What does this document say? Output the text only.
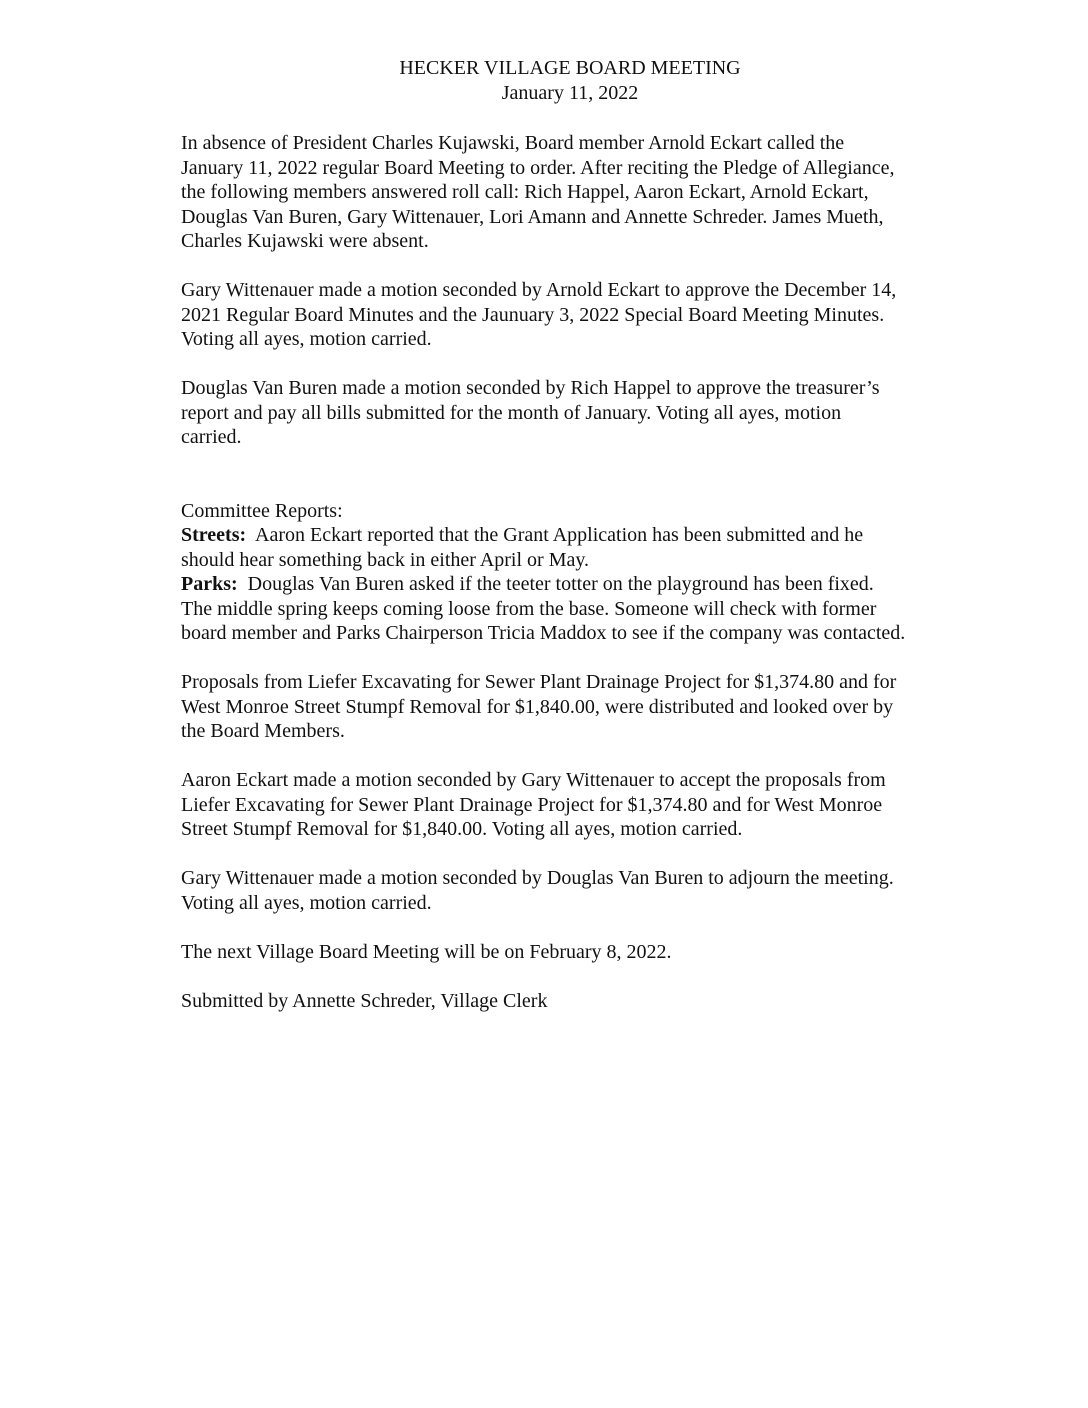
HECKER VILLAGE BOARD MEETING
January 11, 2022
In absence of President Charles Kujawski, Board member Arnold Eckart called the
January 11, 2022 regular Board Meeting to order. After reciting the Pledge of Allegiance,
the following members answered roll call: Rich Happel, Aaron Eckart, Arnold Eckart,
Douglas Van Buren, Gary Wittenauer, Lori Amann and Annette Schreder. James Mueth,
Charles Kujawski were absent.
Gary Wittenauer made a motion seconded by Arnold Eckart to approve the December 14,
2021 Regular Board Minutes and the Jaunuary 3, 2022 Special Board Meeting Minutes.
Voting all ayes, motion carried.
Douglas Van Buren made a motion seconded by Rich Happel to approve the treasurer’s
report and pay all bills submitted for the month of January. Voting all ayes, motion
carried.
Committee Reports:
Streets:  Aaron Eckart reported that the Grant Application has been submitted and he
should hear something back in either April or May.
Parks:  Douglas Van Buren asked if the teeter totter on the playground has been fixed.
The middle spring keeps coming loose from the base. Someone will check with former
board member and Parks Chairperson Tricia Maddox to see if the company was contacted.
Proposals from Liefer Excavating for Sewer Plant Drainage Project for $1,374.80 and for
West Monroe Street Stumpf Removal for $1,840.00, were distributed and looked over by
the Board Members.
Aaron Eckart made a motion seconded by Gary Wittenauer to accept the proposals from
Liefer Excavating for Sewer Plant Drainage Project for $1,374.80 and for West Monroe
Street Stumpf Removal for $1,840.00. Voting all ayes, motion carried.
Gary Wittenauer made a motion seconded by Douglas Van Buren to adjourn the meeting.
Voting all ayes, motion carried.
The next Village Board Meeting will be on February 8, 2022.
Submitted by Annette Schreder, Village Clerk
